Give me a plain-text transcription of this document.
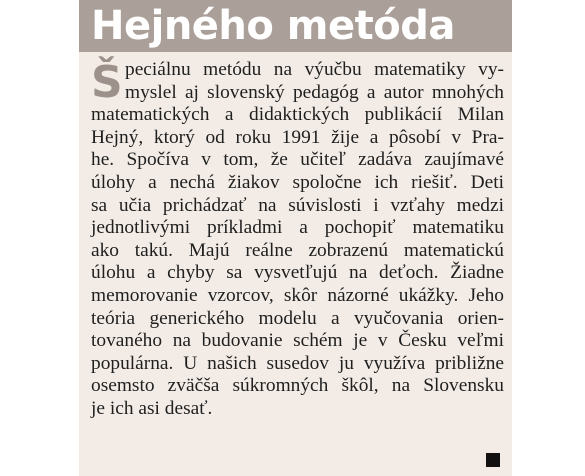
Hejného metóda
Š peciálnu metódu na výučbu matematiky vy-
myslel aj slovenský pedagóg a autor mnohých
matematických a didaktických publikácií Milan
Hejný, ktorý od roku 1991 žije a pôsobí v Pra-
he. Spočíva v tom, že učiteľ zadáva zaujímavé
úlohy a nechá žiakov spoločne ich riešiť. Deti
sa učia prichádzať na súvislosti i vzťahy medzi
jednotlivými príkladmi a pochopiť matematiku
ako takú. Majú reálne zobrazenú matematickú
úlohu a chyby sa vysvetľujú na deťoch. Žiadne
memorovanie vzorcov, skôr názorné ukážky. Jeho
teória generického modelu a vyučovania orien-
tovaného na budovanie schém je v Česku veľmi
populárna. U našich susedov ju využíva približne
osemsto zväčša súkromných škôl, na Slovensku
je ich asi desať.
